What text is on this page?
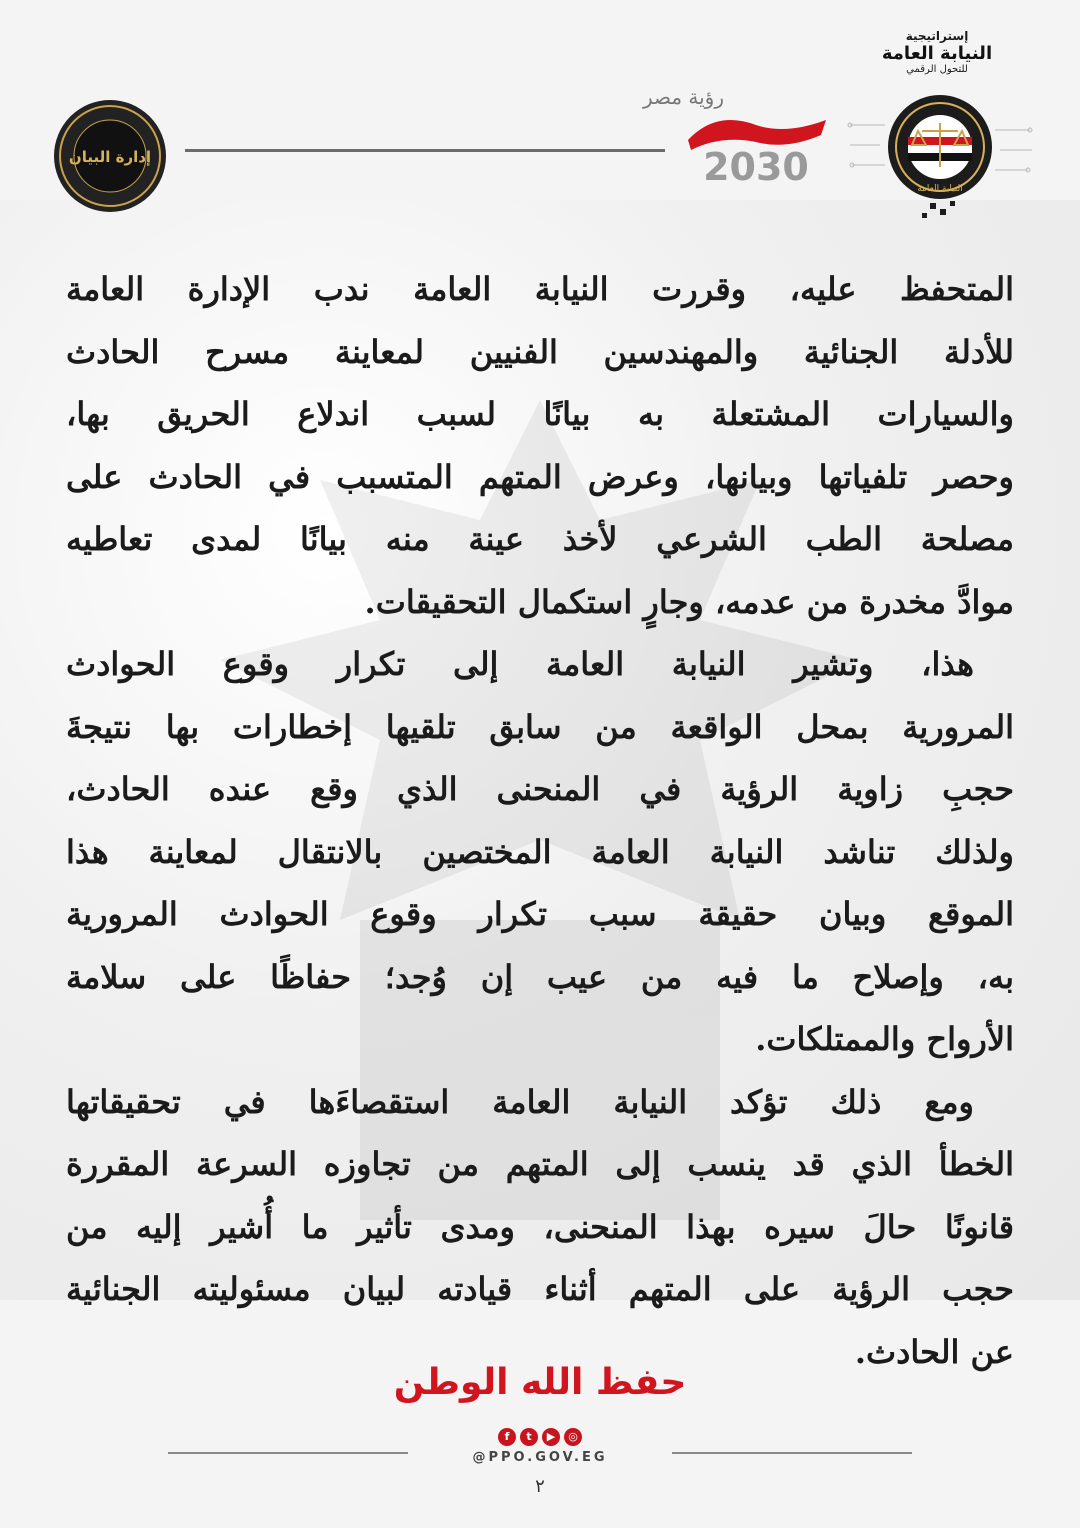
إستراتيجية
النيابة العامة
للتحول الرقمي
النيابة العامة
رؤية مصر
2030
إدارة البيان
المتحفظ عليه، وقررت النيابة العامة ندب الإدارة العامة
للأدلة الجنائية والمهندسين الفنيين لمعاينة مسرح الحادث
والسيارات المشتعلة به بيانًا لسبب اندلاع الحريق بها،
وحصر تلفياتها وبيانها، وعرض المتهم المتسبب في الحادث على
مصلحة الطب الشرعي لأخذ عينة منه بيانًا لمدى تعاطيه
موادَّ مخدرة من عدمه، وجارٍ استكمال التحقيقات.
هذا، وتشير النيابة العامة إلى تكرار وقوع الحوادث
المرورية بمحل الواقعة من سابق تلقيها إخطارات بها نتيجةَ
حجبِ زاوية الرؤية في المنحنى الذي وقع عنده الحادث،
ولذلك تناشد النيابة العامة المختصين بالانتقال لمعاينة هذا
الموقع وبيان حقيقة سبب تكرار وقوع الحوادث المرورية
به، وإصلاح ما فيه من عيب إن وُجد؛ حفاظًا على سلامة
الأرواح والممتلكات.
ومع ذلك تؤكد النيابة العامة استقصاءَها في تحقيقاتها
الخطأ الذي قد ينسب إلى المتهم من تجاوزه السرعة المقررة
قانونًا حالَ سيره بهذا المنحنى، ومدى تأثير ما أُشير إليه من
حجب الرؤية على المتهم أثناء قيادته لبيان مسئوليته الجنائية
عن الحادث.
حفظ الله الوطن
f	t	▶	◎
@PPO.GOV.EG
٢
